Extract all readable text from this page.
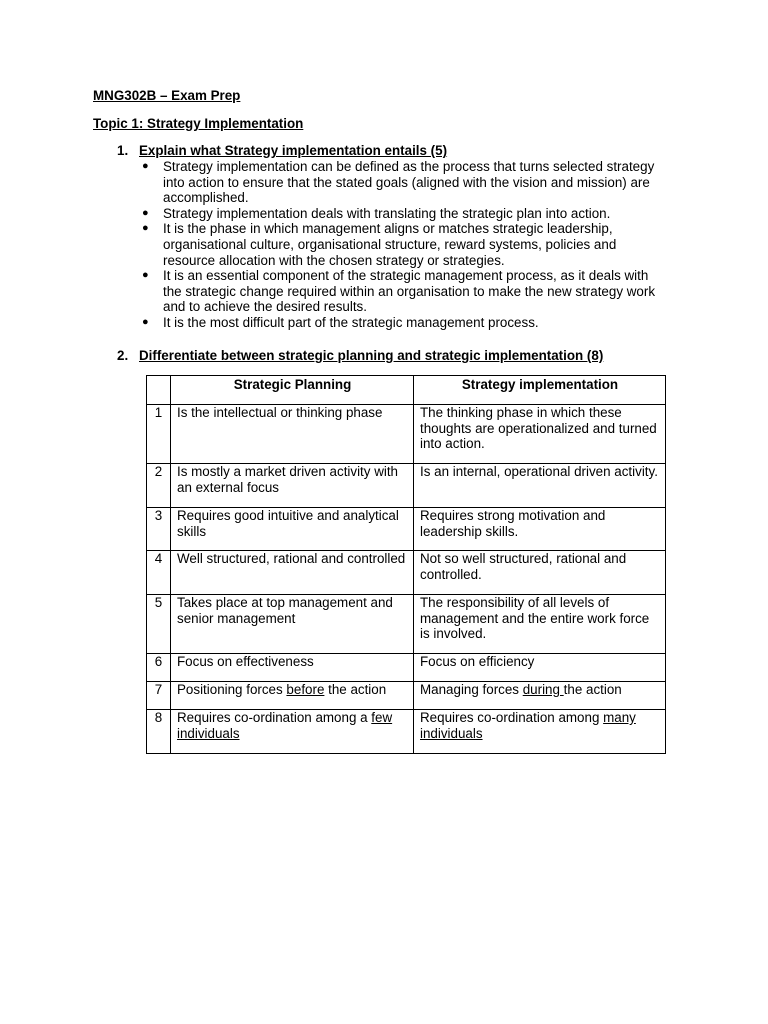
MNG302B – Exam Prep
Topic 1: Strategy Implementation
1. Explain what Strategy implementation entails (5)
● Strategy implementation can be defined as the process that turns selected strategy into action to ensure that the stated goals (aligned with the vision and mission) are accomplished.
● Strategy implementation deals with translating the strategic plan into action.
● It is the phase in which management aligns or matches strategic leadership, organisational culture, organisational structure, reward systems, policies and resource allocation with the chosen strategy or strategies.
● It is an essential component of the strategic management process, as it deals with the strategic change required within an organisation to make the new strategy work and to achieve the desired results.
● It is the most difficult part of the strategic management process.
2. Differentiate between strategic planning and strategic implementation (8)
	Strategic Planning	Strategy implementation
1	Is the intellectual or thinking phase	The thinking phase in which these thoughts are operationalized and turned into action.
2	Is mostly a market driven activity with an external focus	Is an internal, operational driven activity.
3	Requires good intuitive and analytical skills	Requires strong motivation and leadership skills.
4	Well structured, rational and controlled	Not so well structured, rational and controlled.
5	Takes place at top management and senior management	The responsibility of all levels of management and the entire work force is involved.
6	Focus on effectiveness	Focus on efficiency
7	Positioning forces before the action	Managing forces during the action
8	Requires co-ordination among a few individuals	Requires co-ordination among many individuals
